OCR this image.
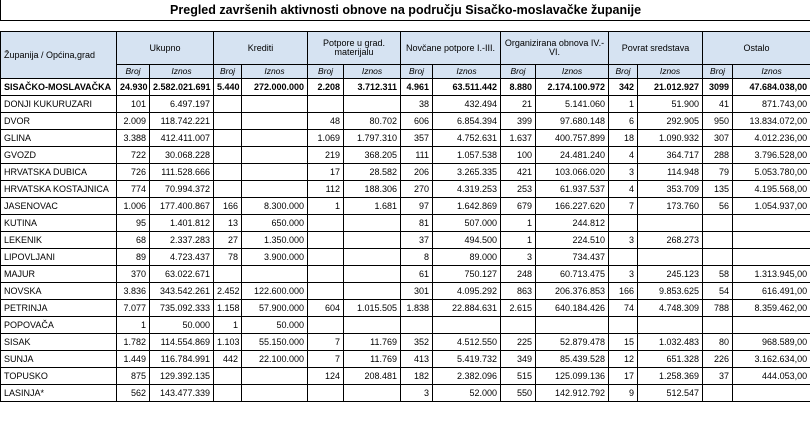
Pregled završenih aktivnosti obnove na području Sisačko-moslavačke županije														

Županija / Općina,grad	Ukupno		Krediti		Potpore u grad. materijalu		Novčane potpore I.-III.		Organizirana obnova IV.-VI.		Povrat sredstava		Ostalo	
	Broj	Iznos	Broj	Iznos	Broj	Iznos	Broj	Iznos	Broj	Iznos	Broj	Iznos	Broj	Iznos
SISAČKO-MOSLAVAČKA	24.930	2.582.021.691	5.440	272.000.000	2.208	3.712.311	4.961	63.511.442	8.880	2.174.100.972	342	21.012.927	3099	47.684.038,00
DONJI KUKURUZARI	101	6.497.197					38	432.494	21	5.141.060	1	51.900	41	871.743,00
DVOR	2.009	118.742.221			48	80.702	606	6.854.394	399	97.680.148	6	292.905	950	13.834.072,00
GLINA	3.388	412.411.007			1.069	1.797.310	357	4.752.631	1.637	400.757.899	18	1.090.932	307	4.012.236,00
GVOZD	722	30.068.228			219	368.205	111	1.057.538	100	24.481.240	4	364.717	288	3.796.528,00
HRVATSKA DUBICA	726	111.528.666			17	28.582	206	3.265.335	421	103.066.020	3	114.948	79	5.053.780,00
HRVATSKA KOSTAJNICA	774	70.994.372			112	188.306	270	4.319.253	253	61.937.537	4	353.709	135	4.195.568,00
JASENOVAC	1.006	177.400.867	166	8.300.000	1	1.681	97	1.642.869	679	166.227.620	7	173.760	56	1.054.937,00
KUTINA	95	1.401.812	13	650.000			81	507.000	1	244.812				
LEKENIK	68	2.337.283	27	1.350.000			37	494.500	1	224.510	3	268.273		
LIPOVLJANI	89	4.723.437	78	3.900.000			8	89.000	3	734.437				
MAJUR	370	63.022.671					61	750.127	248	60.713.475	3	245.123	58	1.313.945,00
NOVSKA	3.836	343.542.261	2.452	122.600.000			301	4.095.292	863	206.376.853	166	9.853.625	54	616.491,00
PETRINJA	7.077	735.092.333	1.158	57.900.000	604	1.015.505	1.838	22.884.631	2.615	640.184.426	74	4.748.309	788	8.359.462,00
POPOVAČA	1	50.000	1	50.000										
SISAK	1.782	114.554.869	1.103	55.150.000	7	11.769	352	4.512.550	225	52.879.478	15	1.032.483	80	968.589,00
SUNJA	1.449	116.784.991	442	22.100.000	7	11.769	413	5.419.732	349	85.439.528	12	651.328	226	3.162.634,00
TOPUSKO	875	129.392.135			124	208.481	182	2.382.096	515	125.099.136	17	1.258.369	37	444.053,00
LASINJA*	562	143.477.339					3	52.000	550	142.912.792	9	512.547		
